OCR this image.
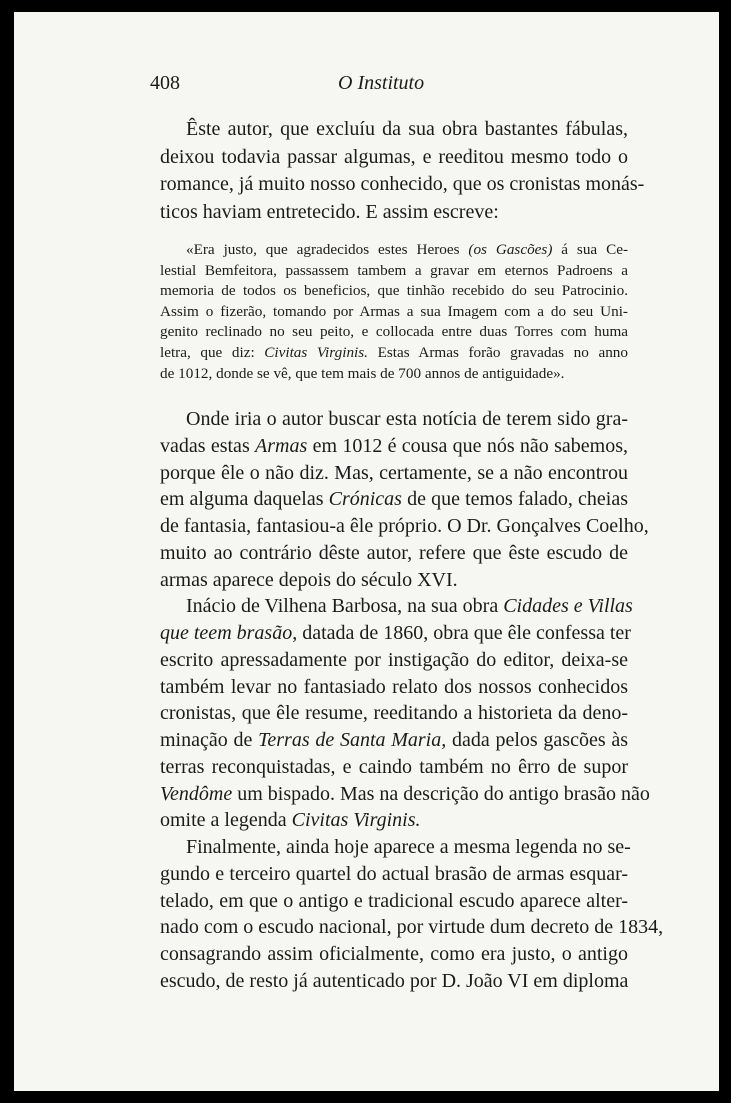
408	O Instituto
Êste autor, que excluíu da sua obra bastantes fábulas,
deixou todavia passar algumas, e reeditou mesmo todo o
romance, já muito nosso conhecido, que os cronistas monás-
ticos haviam entretecido. E assim escreve:
«Era justo, que agradecidos estes Heroes (os Gascões) á sua Ce-
lestial Bemfeitora, passassem tambem a gravar em eternos Padroens a
memoria de todos os beneficios, que tinhão recebido do seu Patrocinio.
Assim o fizerão, tomando por Armas a sua Imagem com a do seu Uni-
genito reclinado no seu peito, e collocada entre duas Torres com huma
letra, que diz: Civitas Virginis. Estas Armas forão gravadas no anno
de 1012, donde se vê, que tem mais de 700 annos de antiguidade».
Onde iria o autor buscar esta notícia de terem sido gra-
vadas estas Armas em 1012 é cousa que nós não sabemos,
porque êle o não diz. Mas, certamente, se a não encontrou
em alguma daquelas Crónicas de que temos falado, cheias
de fantasia, fantasiou-a êle próprio. O Dr. Gonçalves Coelho,
muito ao contrário dêste autor, refere que êste escudo de
armas aparece depois do século XVI.
Inácio de Vilhena Barbosa, na sua obra Cidades e Villas
que teem brasão, datada de 1860, obra que êle confessa ter
escrito apressadamente por instigação do editor, deixa-se
também levar no fantasiado relato dos nossos conhecidos
cronistas, que êle resume, reeditando a historieta da deno-
minação de Terras de Santa Maria, dada pelos gascões às
terras reconquistadas, e caindo também no êrro de supor
Vendôme um bispado. Mas na descrição do antigo brasão não
omite a legenda Civitas Virginis.
Finalmente, ainda hoje aparece a mesma legenda no se-
gundo e terceiro quartel do actual brasão de armas esquar-
telado, em que o antigo e tradicional escudo aparece alter-
nado com o escudo nacional, por virtude dum decreto de 1834,
consagrando assim oficialmente, como era justo, o antigo
escudo, de resto já autenticado por D. João VI em diploma
